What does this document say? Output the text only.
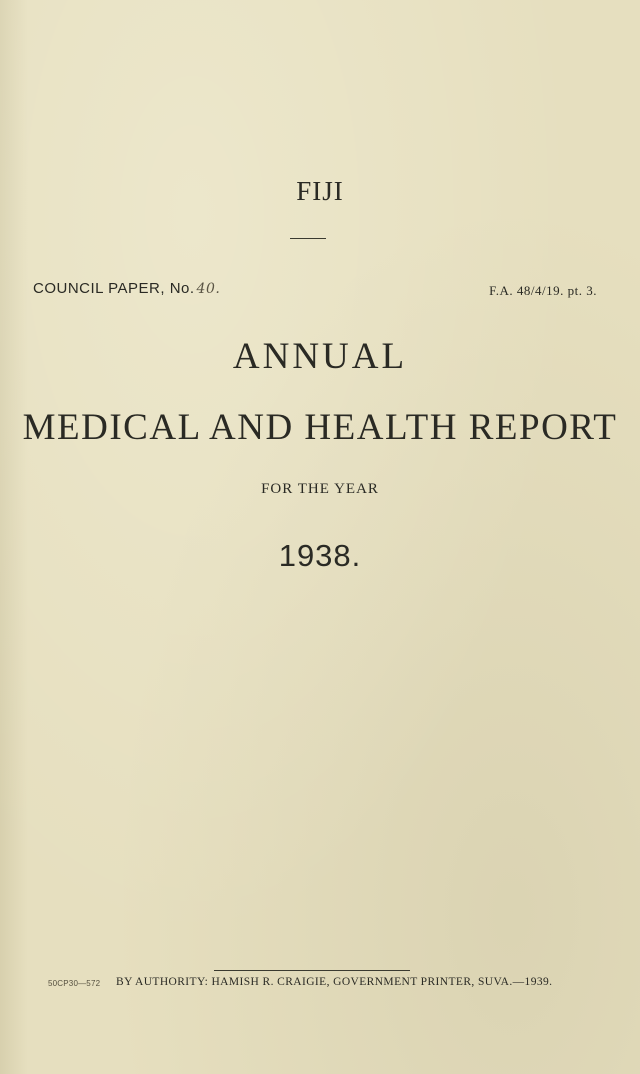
FIJI
COUNCIL PAPER, No. 40.	F.A. 48/4/19. pt. 3.
ANNUAL
MEDICAL AND HEALTH REPORT
FOR THE YEAR
1938.
50CP30—572 BY AUTHORITY: HAMISH R. CRAIGIE, GOVERNMENT PRINTER, SUVA.—1939.
